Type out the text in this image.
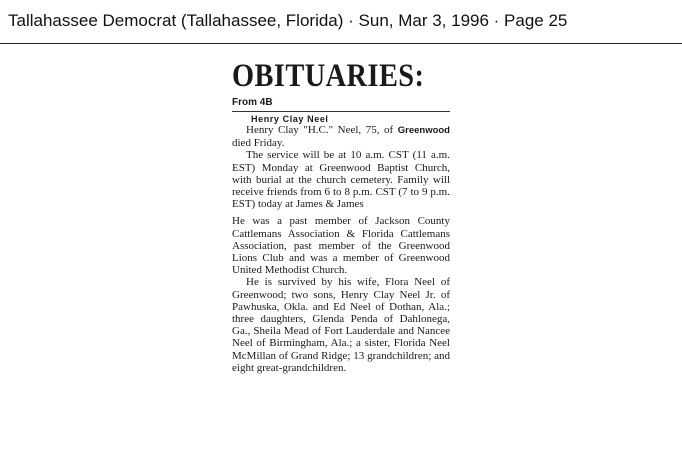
Tallahassee Democrat (Tallahassee, Florida) · Sun, Mar 3, 1996 · Page 25
OBITUARIES:
From 4B
Henry Clay Neel

Henry Clay "H.C." Neel, 75, of Greenwood died Friday.

The service will be at 10 a.m. CST (11 a.m. EST) Monday at Greenwood Baptist Church, with burial at the church cemetery. Family will receive friends from 6 to 8 p.m. CST (7 to 9 p.m. EST) today at James & James

He was a past member of Jackson County Cattlemans Association & Florida Cattlemans Association, past member of the Greenwood Lions Club and was a member of Greenwood United Methodist Church.

He is survived by his wife, Flora Neel of Greenwood; two sons, Henry Clay Neel Jr. of Pawhuska, Okla. and Ed Neel of Dothan, Ala.; three daughters, Glenda Penda of Dahlonega, Ga., Sheila Mead of Fort Lauderdale and Nancee Neel of Birmingham, Ala.; a sister, Florida Neel McMillan of Grand Ridge; 13 grandchildren; and eight great-grandchildren.
